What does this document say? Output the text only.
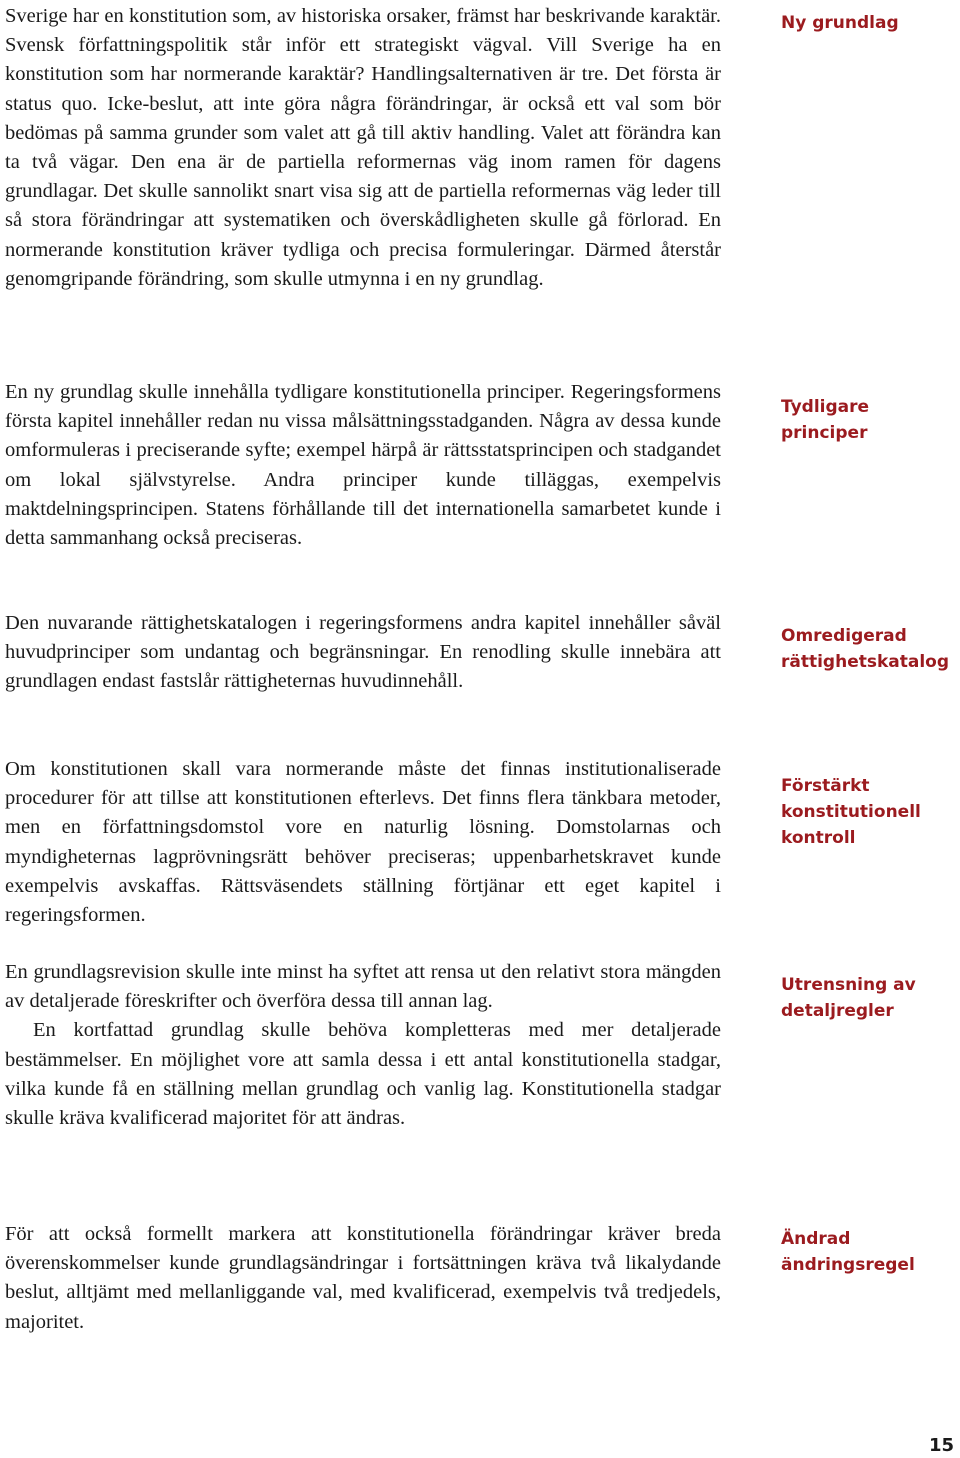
Sverige har en konstitution som, av historiska orsaker, främst har beskrivande karaktär. Svensk författningspolitik står inför ett strategiskt vägval. Vill Sverige ha en konstitution som har normerande karaktär? Handlingsalternativen är tre. Det första är status quo. Icke-beslut, att inte göra några förändringar, är också ett val som bör bedömas på samma grunder som valet att gå till aktiv handling. Valet att förändra kan ta två vägar. Den ena är de partiella reformernas väg inom ramen för dagens grundlagar. Det skulle sannolikt snart visa sig att de partiella reformernas väg leder till så stora förändringar att systematiken och överskådligheten skulle gå förlorad. En normerande konstitution kräver tydliga och precisa formuleringar. Därmed återstår genomgripande förändring, som skulle utmynna i en ny grundlag.

Ny grundlag

En ny grundlag skulle innehålla tydligare konstitutionella principer. Regeringsformens första kapitel innehåller redan nu vissa målsättningsstadganden. Några av dessa kunde omformuleras i preciserande syfte; exempel härpå är rättsstatsprincipen och stadgandet om lokal självstyrelse. Andra principer kunde tilläggas, exempelvis maktdelningsprincipen. Statens förhållande till det internationella samarbetet kunde i detta sammanhang också preciseras.

Tydligare principer

Den nuvarande rättighetskatalogen i regeringsformens andra kapitel innehåller såväl huvudprinciper som undantag och begränsningar. En renodling skulle innebära att grundlagen endast fastslår rättigheternas huvudinnehåll.

Omredigerad rättighetskatalog

Om konstitutionen skall vara normerande måste det finnas institutionaliserade procedurer för att tillse att konstitutionen efterlevs. Det finns flera tänkbara metoder, men en författningsdomstol vore en naturlig lösning. Domstolarnas och myndigheternas lagprövningsrätt behöver preciseras; uppenbarhetskravet kunde exempelvis avskaffas. Rättsväsendets ställning förtjänar ett eget kapitel i regeringsformen.

Förstärkt konstitutionell kontroll

En grundlagsrevision skulle inte minst ha syftet att rensa ut den relativt stora mängden av detaljerade föreskrifter och överföra dessa till annan lag.

En kortfattad grundlag skulle behöva kompletteras med mer detaljerade bestämmelser. En möjlighet vore att samla dessa i ett antal konstitutionella stadgar, vilka kunde få en ställning mellan grundlag och vanlig lag. Konstitutionella stadgar skulle kräva kvalificerad majoritet för att ändras.

Utrensning av detaljregler

För att också formellt markera att konstitutionella förändringar kräver breda överenskommelser kunde grundlagsändringar i fortsättningen kräva två likalydande beslut, alltjämt med mellanliggande val, med kvalificerad, exempelvis två tredjedels, majoritet.

Ändrad ändringsregel
15
